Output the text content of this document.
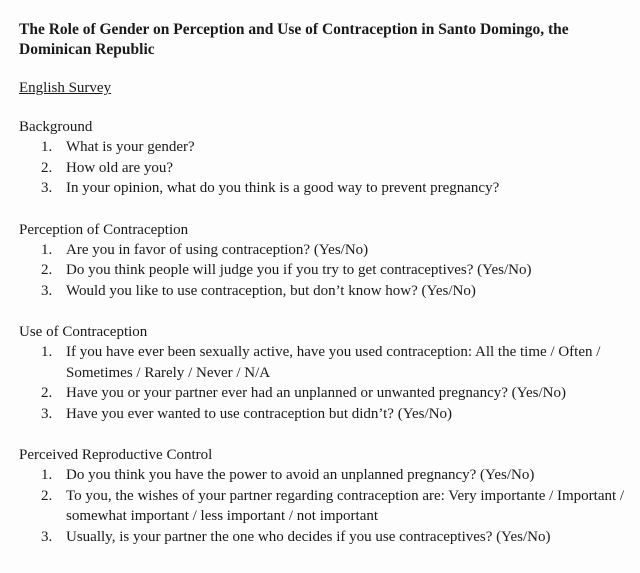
The Role of Gender on Perception and Use of Contraception in Santo Domingo, the Dominican Republic
English Survey
Background
1. What is your gender?
2. How old are you?
3. In your opinion, what do you think is a good way to prevent pregnancy?
Perception of Contraception
1. Are you in favor of using contraception? (Yes/No)
2. Do you think people will judge you if you try to get contraceptives? (Yes/No)
3. Would you like to use contraception, but don’t know how? (Yes/No)
Use of Contraception
1. If you have ever been sexually active, have you used contraception: All the time / Often / Sometimes / Rarely / Never / N/A
2. Have you or your partner ever had an unplanned or unwanted pregnancy? (Yes/No)
3. Have you ever wanted to use contraception but didn’t? (Yes/No)
Perceived Reproductive Control
1. Do you think you have the power to avoid an unplanned pregnancy? (Yes/No)
2. To you, the wishes of your partner regarding contraception are: Very importante / Important / somewhat important / less important / not important
3. Usually, is your partner the one who decides if you use contraceptives? (Yes/No)
